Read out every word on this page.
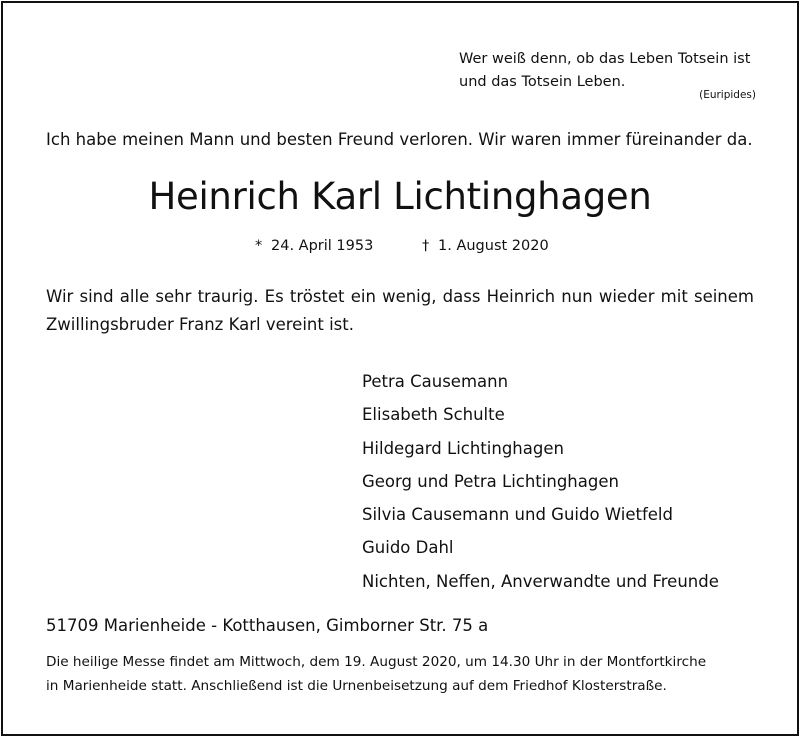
Wer weiß denn, ob das Leben Totsein ist
und das Totsein Leben.
(Euripides)
Ich habe meinen Mann und besten Freund verloren. Wir waren immer füreinander da.
Heinrich Karl Lichtinghagen
* 24. April 1953	† 1. August 2020
Wir sind alle sehr traurig. Es tröstet ein wenig, dass Heinrich nun wieder mit seinem Zwillingsbruder Franz Karl vereint ist.
Petra Causemann
Elisabeth Schulte
Hildegard Lichtinghagen
Georg und Petra Lichtinghagen
Silvia Causemann und Guido Wietfeld
Guido Dahl
Nichten, Neffen, Anverwandte und Freunde
51709 Marienheide - Kotthausen, Gimborner Str. 75 a
Die heilige Messe findet am Mittwoch, dem 19. August 2020, um 14.30 Uhr in der Montfortkirche
in Marienheide statt. Anschließend ist die Urnenbeisetzung auf dem Friedhof Klosterstraße.
